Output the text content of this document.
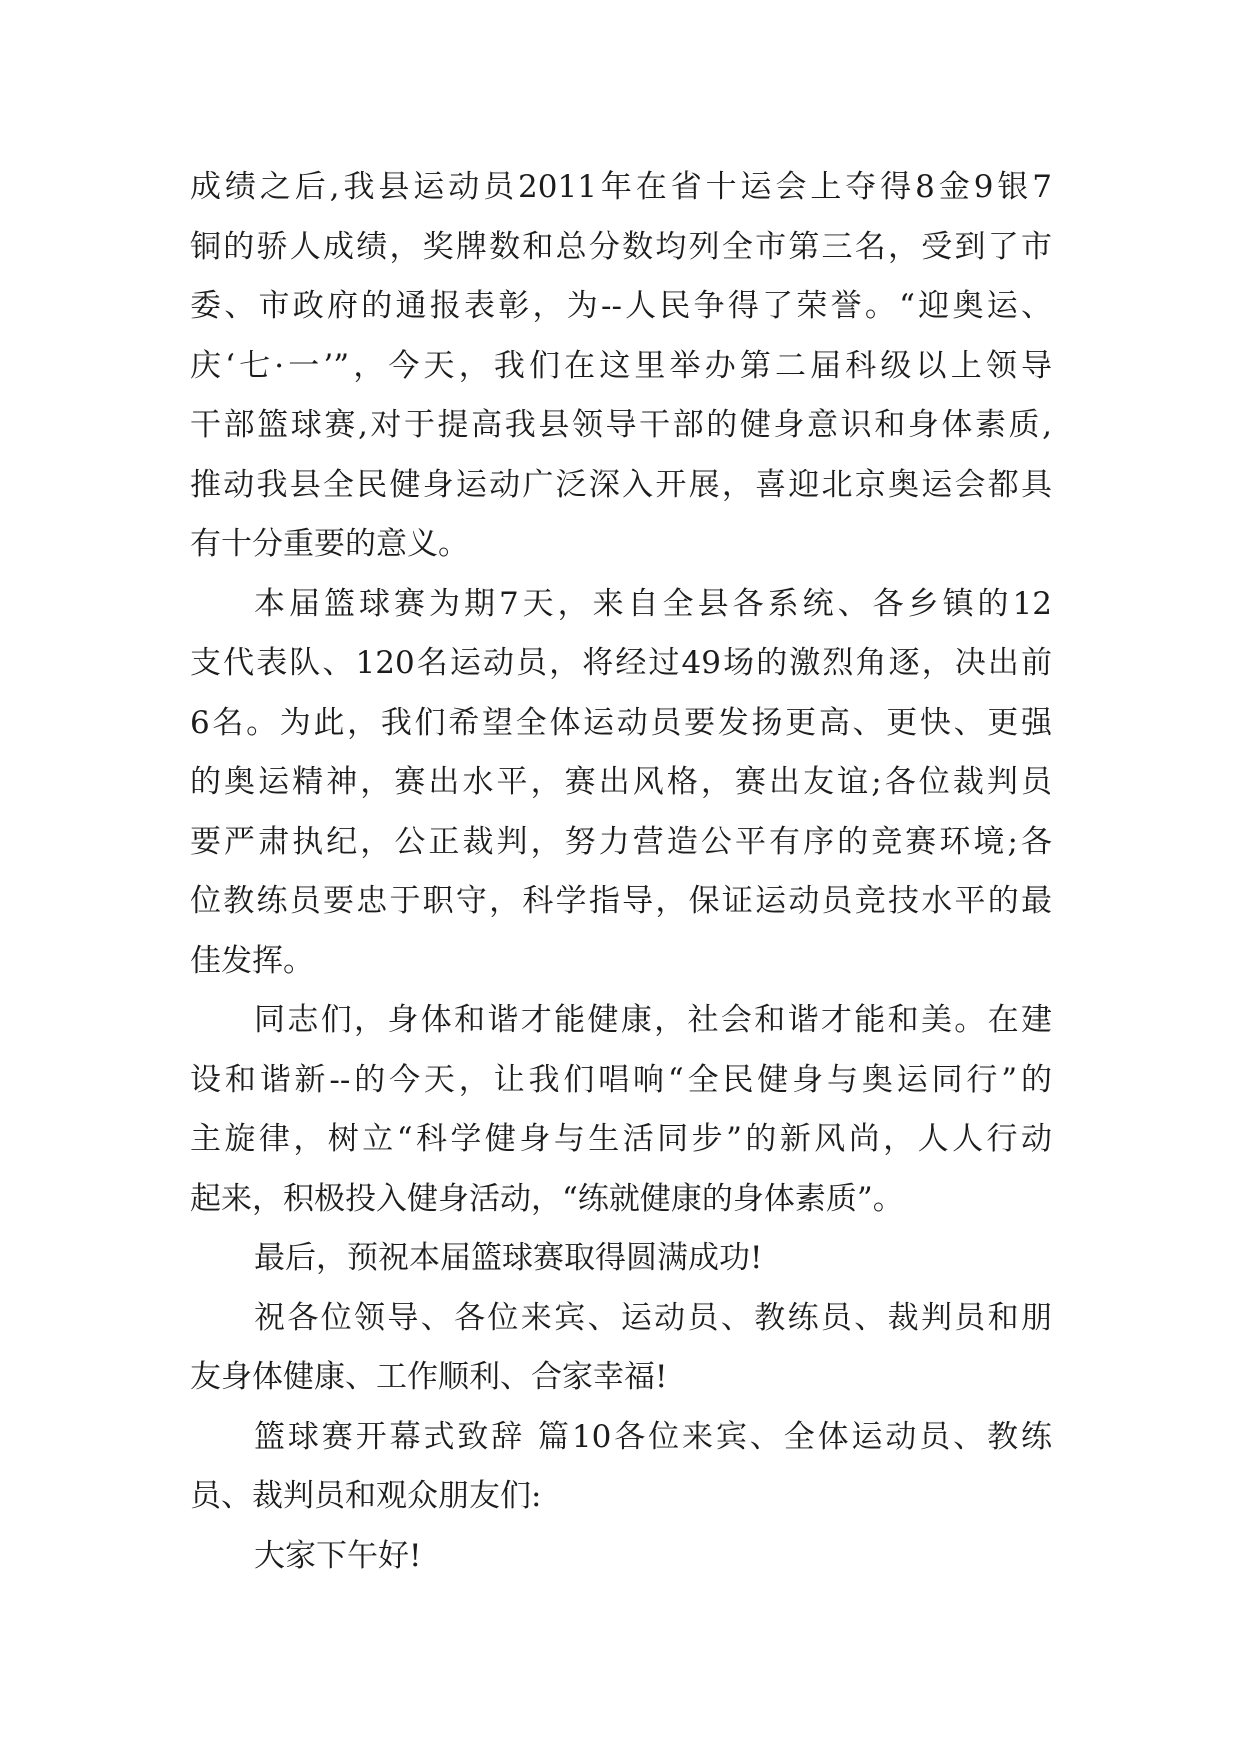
成绩之后,我县运动员2011年在省十运会上夺得8金9银7
铜的骄人成绩，奖牌数和总分数均列全市第三名，受到了市
委、市政府的通报表彰，为--人民争得了荣誉。“迎奥运、
庆‘七·一’”，今天，我们在这里举办第二届科级以上领导
干部篮球赛,对于提高我县领导干部的健身意识和身体素质,
推动我县全民健身运动广泛深入开展，喜迎北京奥运会都具
有十分重要的意义。
本届篮球赛为期7天，来自全县各系统、各乡镇的12
支代表队、120名运动员，将经过49场的激烈角逐，决出前
6名。为此，我们希望全体运动员要发扬更高、更快、更强
的奥运精神，赛出水平，赛出风格，赛出友谊;各位裁判员
要严肃执纪，公正裁判，努力营造公平有序的竞赛环境;各
位教练员要忠于职守，科学指导，保证运动员竞技水平的最
佳发挥。
同志们，身体和谐才能健康，社会和谐才能和美。在建
设和谐新--的今天，让我们唱响“全民健身与奥运同行”的
主旋律，树立“科学健身与生活同步”的新风尚，人人行动
起来，积极投入健身活动，“练就健康的身体素质”。
最后，预祝本届篮球赛取得圆满成功!
祝各位领导、各位来宾、运动员、教练员、裁判员和朋
友身体健康、工作顺利、合家幸福!
篮球赛开幕式致辞 篇10各位来宾、全体运动员、教练
员、裁判员和观众朋友们:
大家下午好!
